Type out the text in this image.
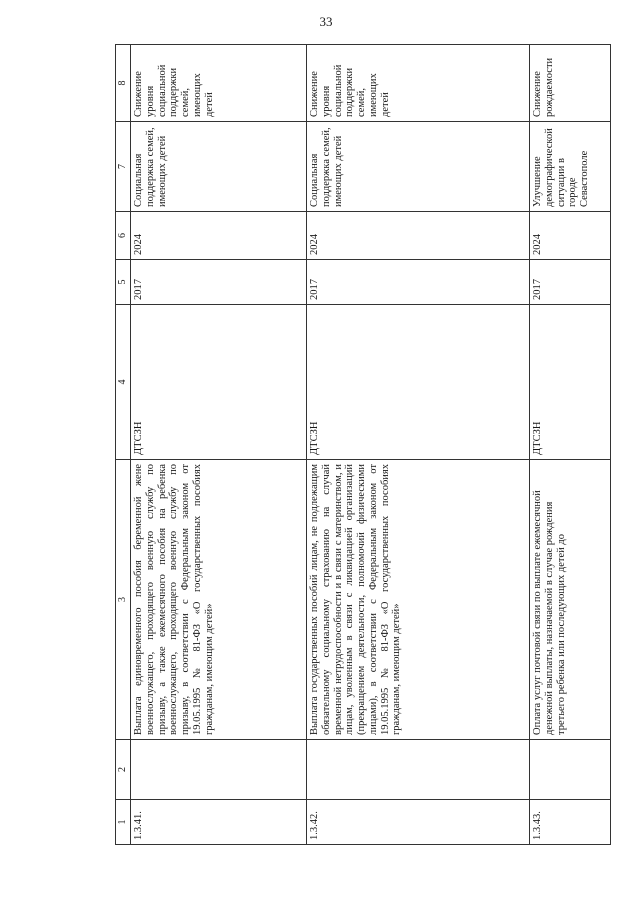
33
1	2	3	4	5	6	7	8
1.3.41.		Выплата единовременного пособия беременной жене военнослужащего, проходящего военную службу по призыву, а также ежемесячного пособия на ребенка военнослужащего, проходящего военную службу по призыву, в соответствии с Федеральным законом от 19.05.1995 № 81-ФЗ «О государственных пособиях гражданам, имеющим детей»	ДТСЗН	2017	2024	Социальная поддержка семей, имеющих детей	Снижение уровня социальной поддержки семей, имеющих детей
1.3.42.		Выплата государственных пособий лицам, не подлежащим обязательному социальному страхованию на случай временной нетрудоспособности и в связи с материнством, и лицам, уволенным в связи с ликвидацией организаций (прекращением деятельности, полномочий физическими лицами), в соответствии с Федеральным законом от 19.05.1995 № 81-ФЗ «О государственных пособиях гражданам, имеющим детей»	ДТСЗН	2017	2024	Социальная поддержка семей, имеющих детей	Снижение уровня социальной поддержки семей, имеющих детей
1.3.43.		Оплата услуг почтовой связи по выплате ежемесячной денежной выплаты, назначаемой в случае рождения третьего ребенка или последующих детей до	ДТСЗН	2017	2024	Улучшение демографической ситуации в городе Севастополе	Снижение рождаемости
